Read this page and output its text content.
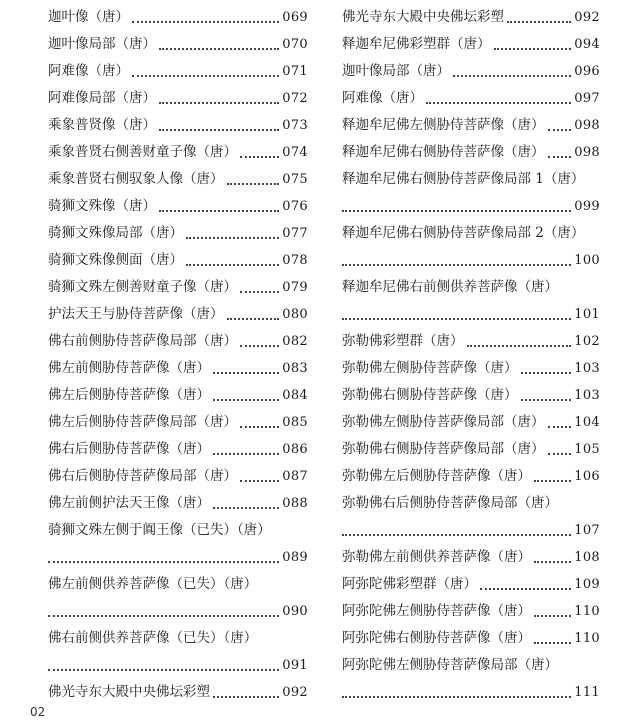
迦叶像（唐）	069
迦叶像局部（唐）	070
阿难像（唐）	071
阿难像局部（唐）	072
乘象普贤像（唐）	073
乘象普贤右侧善财童子像（唐）	074
乘象普贤右侧驭象人像（唐）	075
骑狮文殊像（唐）	076
骑狮文殊像局部（唐）	077
骑狮文殊像侧面（唐）	078
骑狮文殊左侧善财童子像（唐）	079
护法天王与胁侍菩萨像（唐）	080
佛右前侧胁侍菩萨像局部（唐）	082
佛左前侧胁侍菩萨像（唐）	083
佛左后侧胁侍菩萨像（唐）	084
佛左后侧胁侍菩萨像局部（唐）	085
佛右后侧胁侍菩萨像（唐）	086
佛右后侧胁侍菩萨像局部（唐）	087
佛左前侧护法天王像（唐）	088
骑狮文殊左侧于阗王像（已失）（唐）
089
佛左前侧供养菩萨像（已失）（唐）
090
佛右前侧供养菩萨像（已失）（唐）
091
佛光寺东大殿中央佛坛彩塑	092
佛光寺东大殿中央佛坛彩塑	092
释迦牟尼佛彩塑群（唐）	094
迦叶像局部（唐）	096
阿难像（唐）	097
释迦牟尼佛左侧胁侍菩萨像（唐） 098
释迦牟尼佛右侧胁侍菩萨像（唐） 098
释迦牟尼佛右侧胁侍菩萨像局部 1（唐）
099
释迦牟尼佛右侧胁侍菩萨像局部 2（唐）
100
释迦牟尼佛右前侧供养菩萨像（唐）
101
弥勒佛彩塑群（唐）	102
弥勒佛左侧胁侍菩萨像（唐）	103
弥勒佛右侧胁侍菩萨像（唐）	103
弥勒佛左侧胁侍菩萨像局部（唐） 104
弥勒佛右侧胁侍菩萨像局部（唐） 105
弥勒佛左后侧胁侍菩萨像（唐）	106
弥勒佛右后侧胁侍菩萨像局部（唐）
107
弥勒佛左前侧供养菩萨像（唐）	108
阿弥陀佛彩塑群（唐）	109
阿弥陀佛左侧胁侍菩萨像（唐）	110
阿弥陀佛右侧胁侍菩萨像（唐）	110
阿弥陀佛左侧胁侍菩萨像局部（唐）
111
02
